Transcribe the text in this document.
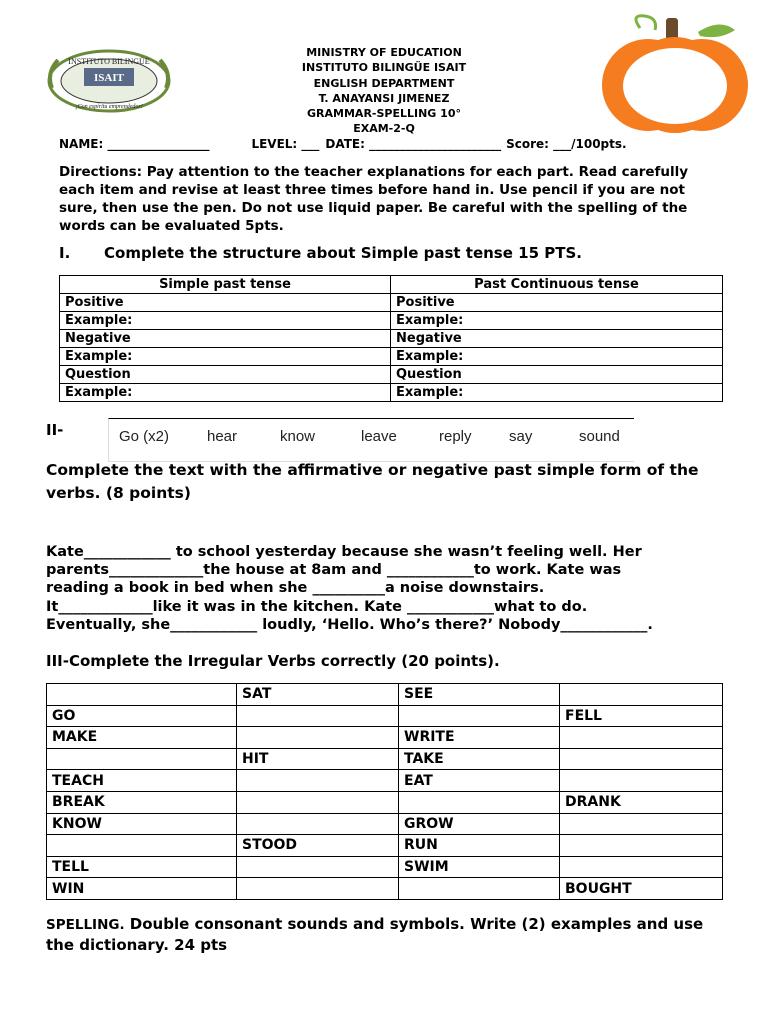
ISAIT
INSTITUTO BILINGÜE
¡Con espíritu emprendedor!
MINISTRY OF EDUCATION
INSTITUTO BILINGÜE ISAIT
ENGLISH DEPARTMENT
T. ANAYANSI JIMENEZ
GRAMMAR-SPELLING 10°
EXAM-2-Q
NAME: _________________	LEVEL: ___ DATE: ______________________ Score: ___/100pts.
Directions: Pay attention to the teacher explanations for each part. Read carefully each item and revise at least three times before hand in. Use pencil if you are not sure, then use the pen. Do not use liquid paper. Be careful with the spelling of the words can be evaluated 5pts.
I. Complete the structure about Simple past tense 15 PTS.
Simple past tense	Past Continuous tense
Positive	Positive
Example:	Example:
Negative	Negative
Example:	Example:
Question	Question
Example:	Example:
II-	Go (x2)	hear	know	leave	reply say	sound
Complete the text with the affirmative or negative past simple form of the verbs. (8 points)
Kate____________ to school yesterday because she wasn’t feeling well. Her
parents_____________the house at 8am and ____________to work. Kate was
reading a book in bed when she __________a noise downstairs.
It_____________like it was in the kitchen. Kate ____________what to do.
Eventually, she____________ loudly, ‘Hello. Who’s there?’ Nobody____________.
III-Complete the Irregular Verbs correctly (20 points).
	SAT	SEE	
GO			FELL
MAKE		WRITE	
	HIT	TAKE	
TEACH		EAT	
BREAK			DRANK
KNOW		GROW	
	STOOD	RUN	
TELL		SWIM	
WIN			BOUGHT
SPELLING. Double consonant sounds and symbols. Write (2) examples and use the dictionary. 24 pts
